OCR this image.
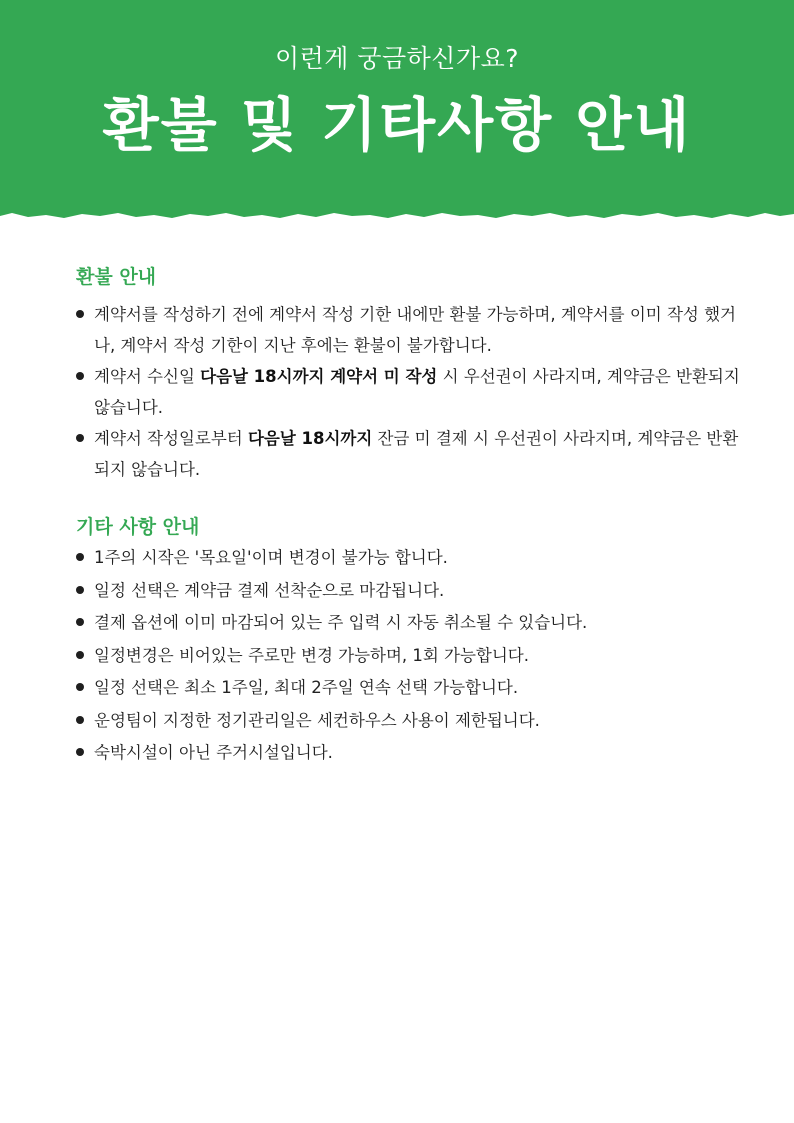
이런게 궁금하신가요?
환불 및 기타사항 안내
환불 안내
계약서를 작성하기 전에 계약서 작성 기한 내에만 환불 가능하며, 계약서를 이미 작성 했거나, 계약서 작성 기한이 지난 후에는 환불이 불가합니다.
계약서 수신일 다음날 18시까지 계약서 미 작성 시 우선권이 사라지며, 계약금은 반환되지 않습니다.
계약서 작성일로부터 다음날 18시까지 잔금 미 결제 시 우선권이 사라지며, 계약금은 반환되지 않습니다.
기타 사항 안내
1주의 시작은 '목요일'이며 변경이 불가능 합니다.
일정 선택은 계약금 결제 선착순으로 마감됩니다.
결제 옵션에 이미 마감되어 있는 주 입력 시 자동 취소될 수 있습니다.
일정변경은 비어있는 주로만 변경 가능하며, 1회 가능합니다.
일정 선택은 최소 1주일, 최대 2주일 연속 선택 가능합니다.
운영팀이 지정한 정기관리일은 세컨하우스 사용이 제한됩니다.
숙박시설이 아닌 주거시설입니다.
